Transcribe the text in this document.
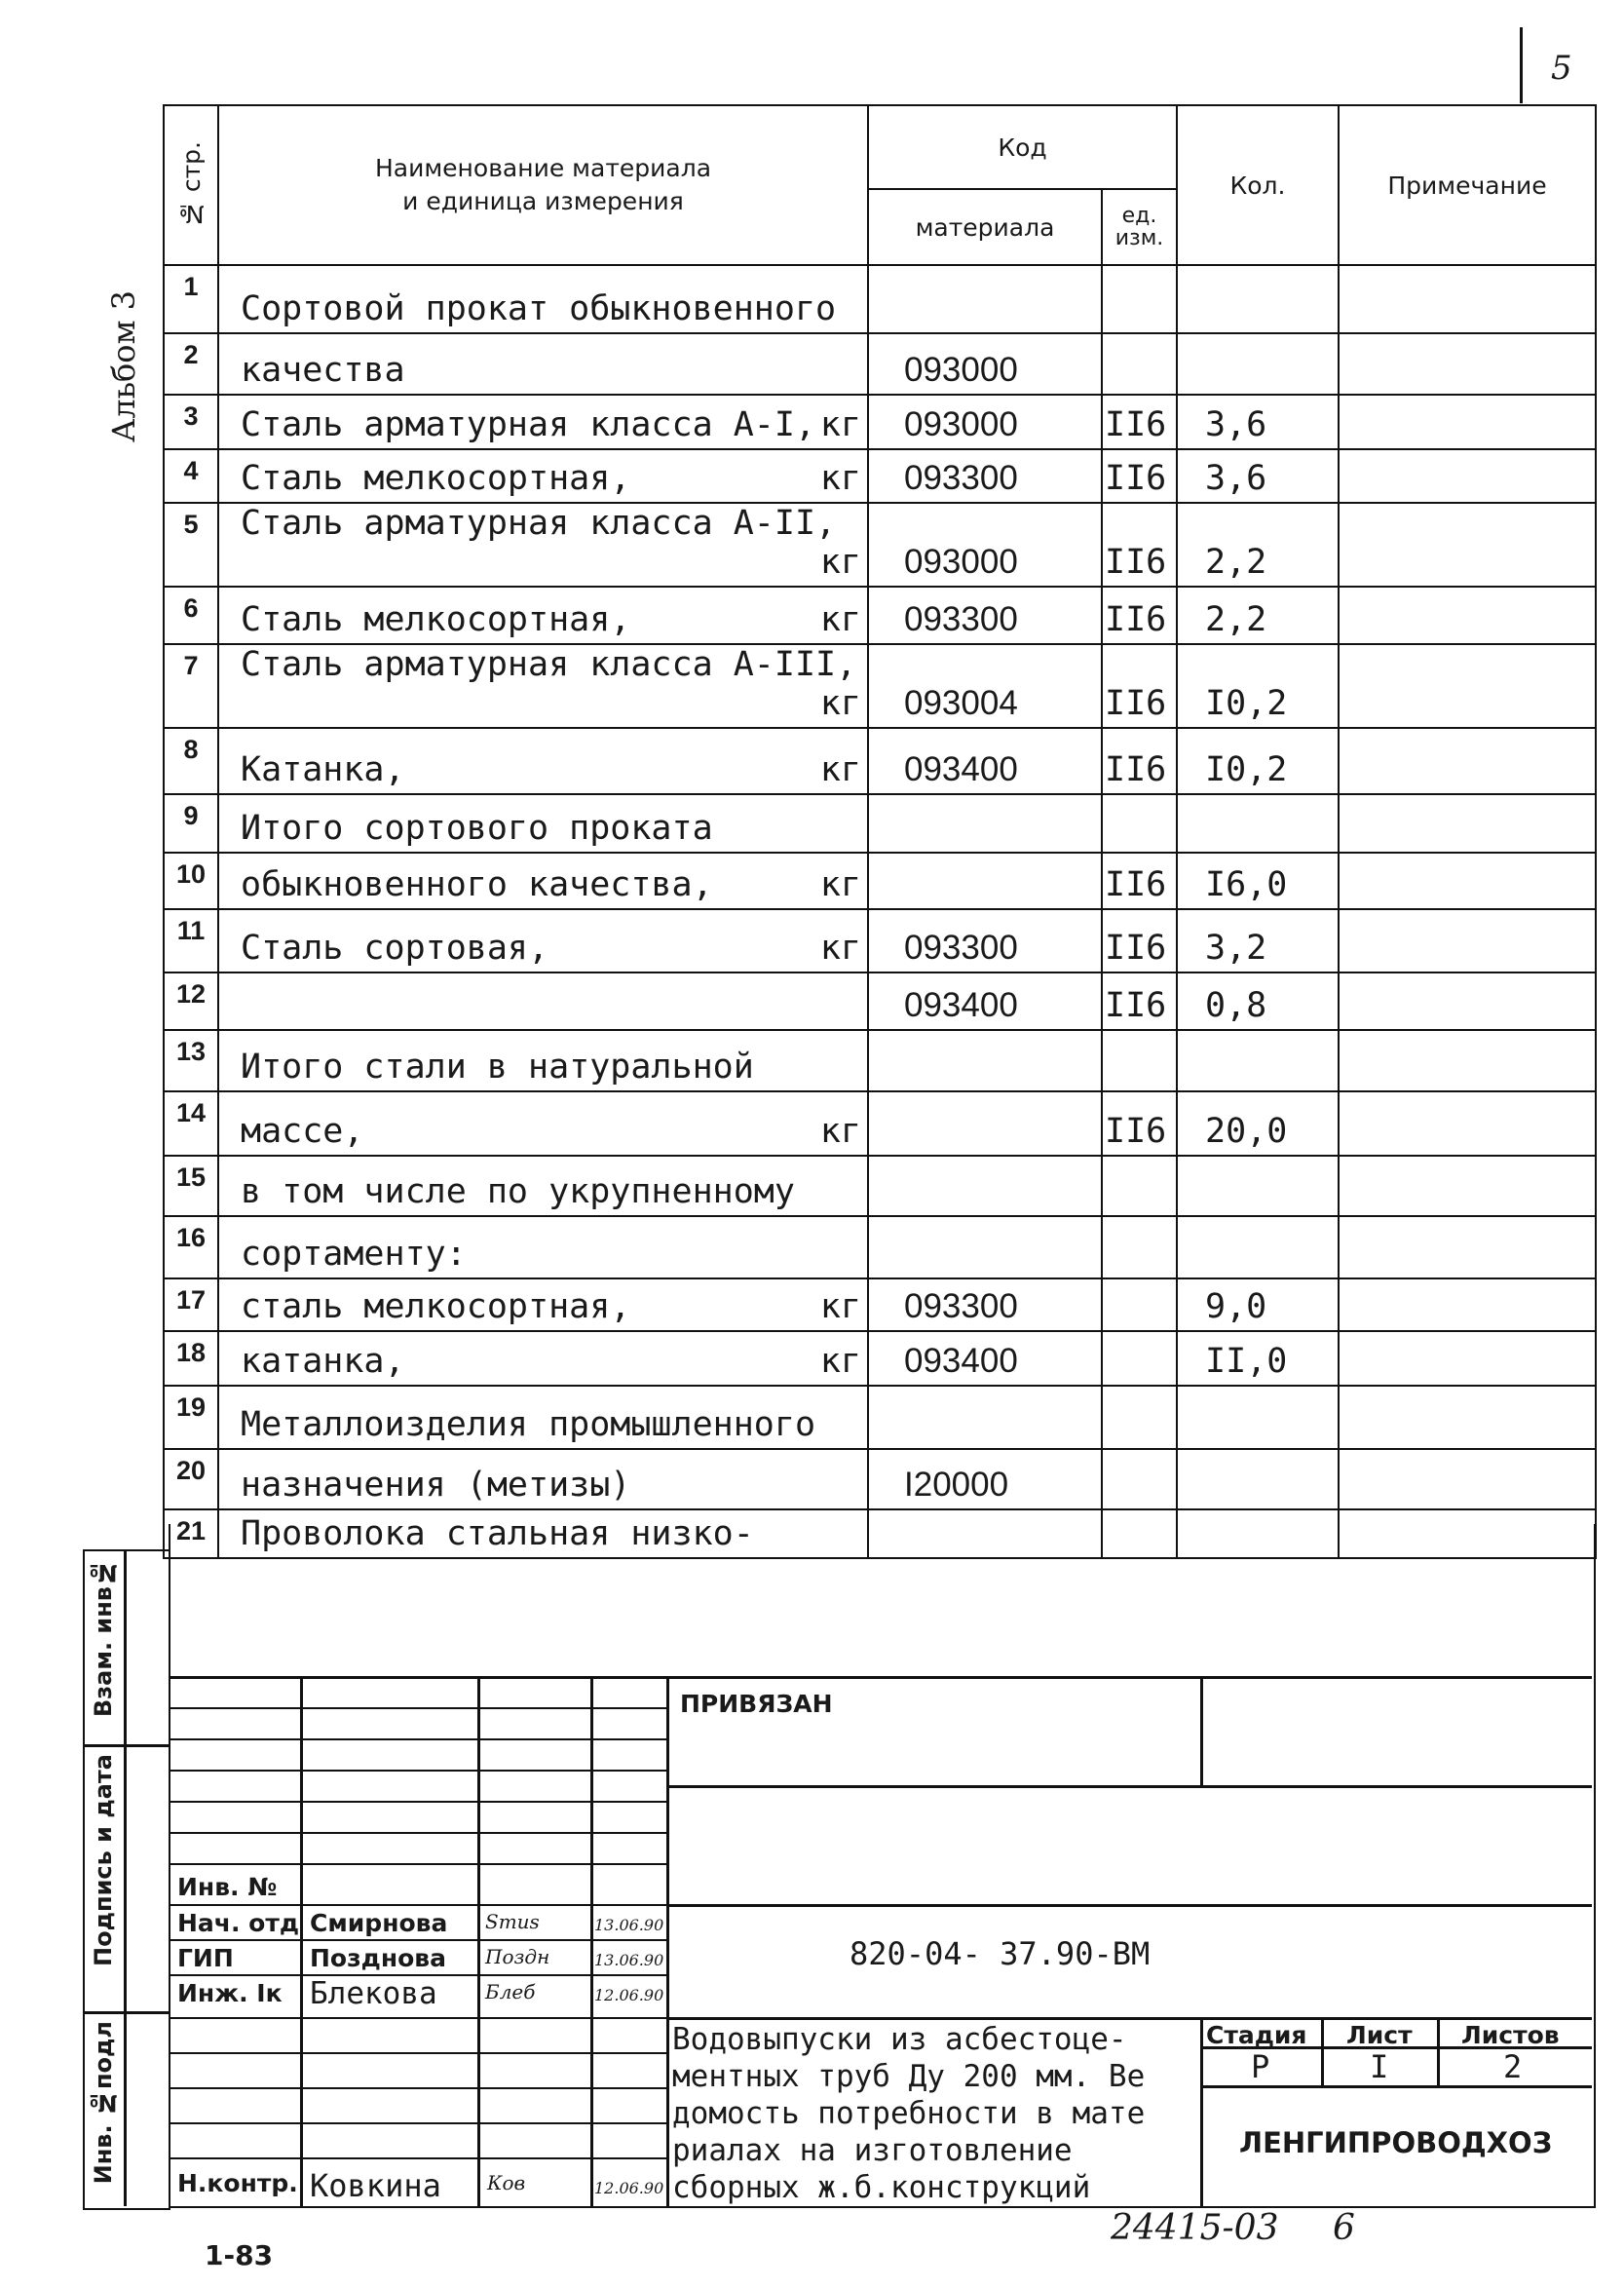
5
Альбом 3
№ стр.	Наименование материала
и единица измерения	Код		Кол.	Примечание
		материала	ед.
изм.		
1	Сортовой прокат обыкновенного

2	качества	093000			
3	Сталь арматурная класса А-I, кг	093000	II6	3,6	
4	Сталь мелкосортная, кг	093300	II6	3,6	
5	Сталь арматурная класса А-II,
кг	093000	II6	2,2	
6	Сталь мелкосортная, кг	093300	II6	2,2	
7	Сталь арматурная класса А-III,
кг	093004	II6	I0,2	
8	Катанка, кг	093400	II6	I0,2	
9	Итого сортового проката

10	обыкновенного качества, кг		II6	I6,0	
11	Сталь сортовая, кг	093300	II6	3,2	
12		093400	II6	0,8	
13	Итого стали в натуральной

14	массе, кг		II6	20,0	
15	в том числе по укрупненному

16	сортаменту:

17	сталь мелкосортная, кг	093300		9,0	
18	катанка, кг	093400		II,0	
19	Металлоизделия промышленного

20	назначения (метизы)	I20000			
21	Проволока стальная низко-

Взам. инв№
Подпись и дата
Инв. №подл
ПРИВЯЗАН
Инв. №
820-04- 37.90-ВМ
Нач. отд Смирнова Smus	13.06.90
ГИП	Позднова Пoздн	13.06.90
Инж. Iк Блекова Блеб	12.06.90
Н.контр. Ковкина Ков	12.06.90
Водовыпуски из асбестоце-
ментных труб Ду 200 мм. Ве
домость потребности в мате
риалах на изготовление
сборных ж.б.конструкций
Стадия Лист Листов
Р	I	2
ЛЕНГИПРОВОДХОЗ
1-83
24415-03 6
